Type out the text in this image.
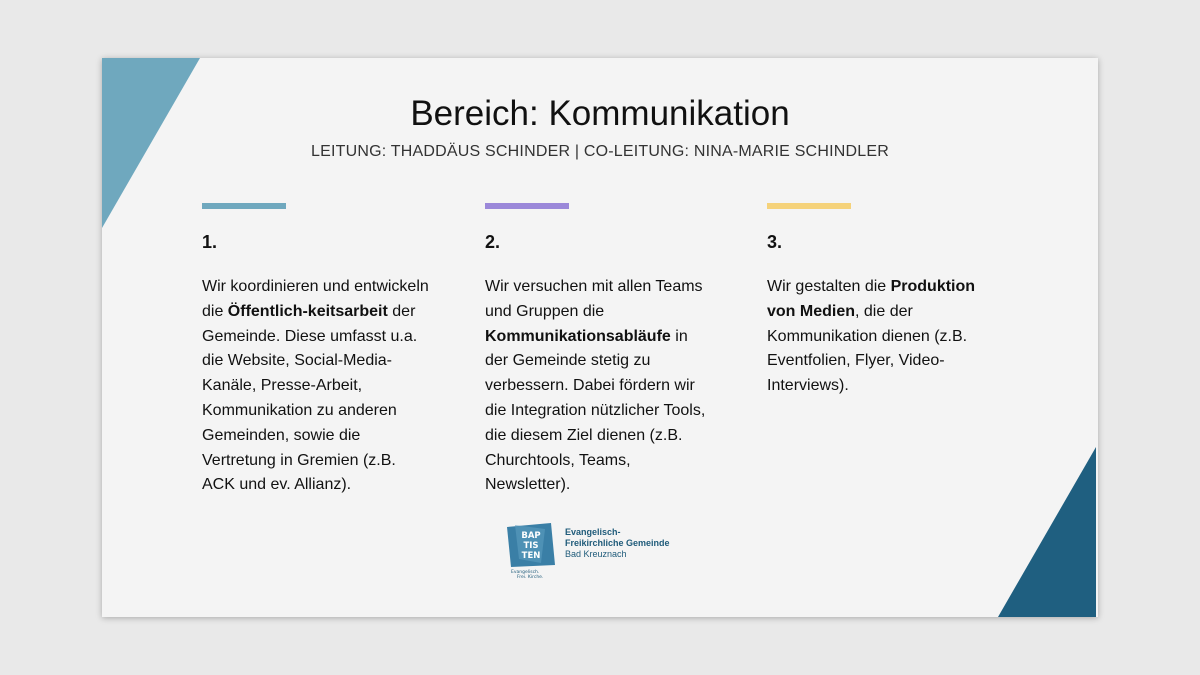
Bereich: Kommunikation
LEITUNG: THADDÄUS SCHINDER | CO-LEITUNG: NINA-MARIE SCHINDLER
1.
Wir koordinieren und entwickeln die Öffentlich-keitsarbeit der Gemeinde. Diese umfasst u.a. die Website, Social-Media-Kanäle, Presse-Arbeit, Kommunikation zu anderen Gemeinden, sowie die Vertretung in Gremien (z.B. ACK und ev. Allianz).
2.
Wir versuchen mit allen Teams und Gruppen die Kommunikationsabläufe in der Gemeinde stetig zu verbessern. Dabei fördern wir die Integration nützlicher Tools, die diesem Ziel dienen (z.B. Churchtools, Teams, Newsletter).
3.
Wir gestalten die Produktion von Medien, die der Kommunikation dienen (z.B. Eventfolien, Flyer, Video-Interviews).
BAP
TIS
TEN
Evangelisch.
Frei. Kirche.
Evangelisch-
Freikirchliche Gemeinde
Bad Kreuznach
